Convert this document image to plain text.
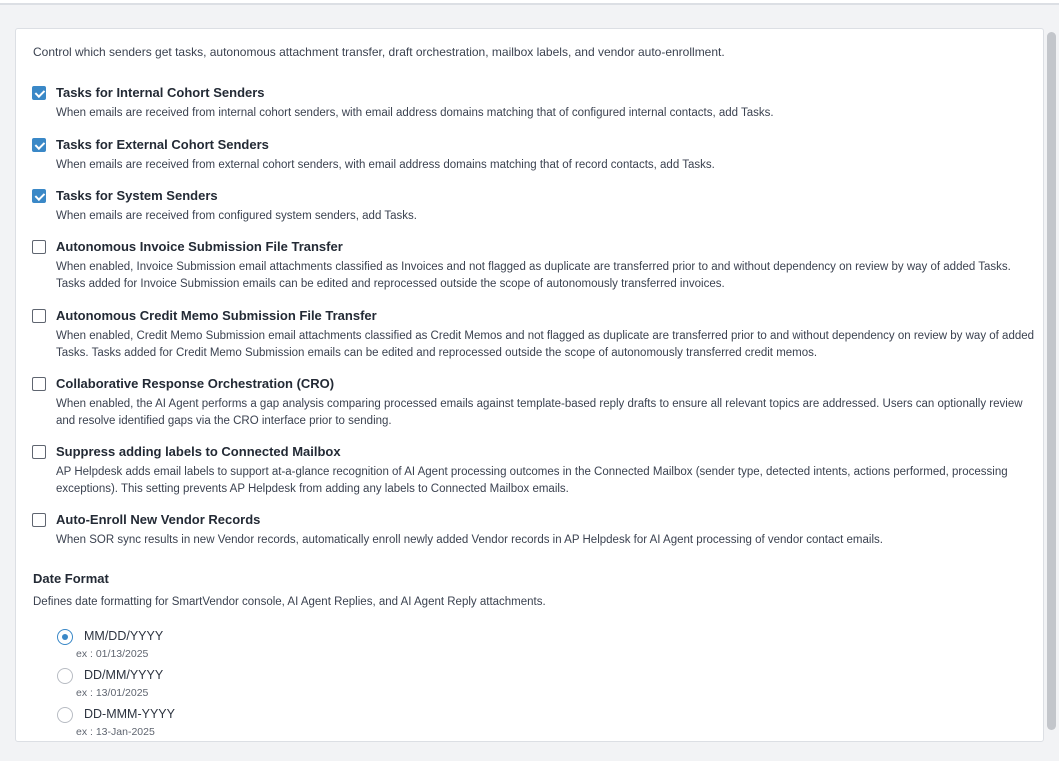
Control which senders get tasks, autonomous attachment transfer, draft orchestration, mailbox labels, and vendor auto-enrollment.
Tasks for Internal Cohort Senders
When emails are received from internal cohort senders, with email address domains matching that of configured internal contacts, add Tasks.
Tasks for External Cohort Senders
When emails are received from external cohort senders, with email address domains matching that of record contacts, add Tasks.
Tasks for System Senders
When emails are received from configured system senders, add Tasks.
Autonomous Invoice Submission File Transfer
When enabled, Invoice Submission email attachments classified as Invoices and not flagged as duplicate are transferred prior to and without dependency on review by way of added Tasks. Tasks added for Invoice Submission emails can be edited and reprocessed outside the scope of autonomously transferred invoices.
Autonomous Credit Memo Submission File Transfer
When enabled, Credit Memo Submission email attachments classified as Credit Memos and not flagged as duplicate are transferred prior to and without dependency on review by way of added Tasks. Tasks added for Credit Memo Submission emails can be edited and reprocessed outside the scope of autonomously transferred credit memos.
Collaborative Response Orchestration (CRO)
When enabled, the AI Agent performs a gap analysis comparing processed emails against template-based reply drafts to ensure all relevant topics are addressed. Users can optionally review and resolve identified gaps via the CRO interface prior to sending.
Suppress adding labels to Connected Mailbox
AP Helpdesk adds email labels to support at-a-glance recognition of AI Agent processing outcomes in the Connected Mailbox (sender type, detected intents, actions performed, processing exceptions). This setting prevents AP Helpdesk from adding any labels to Connected Mailbox emails.
Auto-Enroll New Vendor Records
When SOR sync results in new Vendor records, automatically enroll newly added Vendor records in AP Helpdesk for AI Agent processing of vendor contact emails.
Date Format
Defines date formatting for SmartVendor console, AI Agent Replies, and AI Agent Reply attachments.
MM/DD/YYYY
ex : 01/13/2025
DD/MM/YYYY
ex : 13/01/2025
DD-MMM-YYYY
ex : 13-Jan-2025
